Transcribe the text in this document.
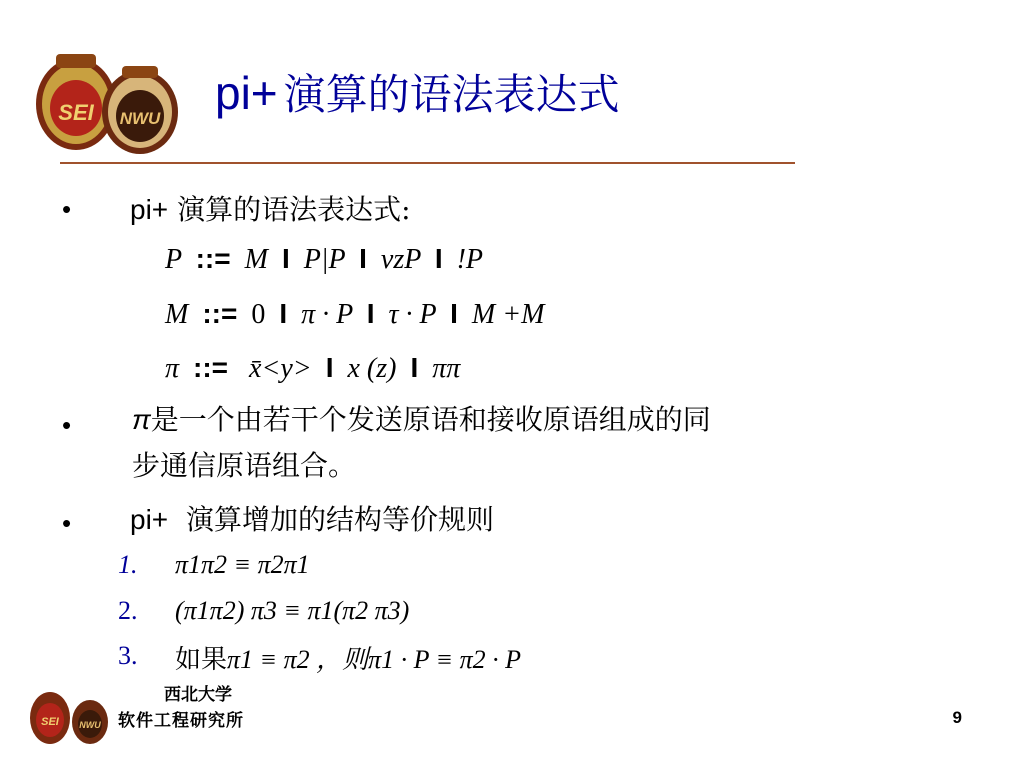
SEI NWU pi+ 演算的语法表达式
• pi+ 演算的语法表达式:
P ::= M I P|P I vzP I !P
M ::= 0 I π · P I τ · P I M +M
π ::= x̄<y> I x (z) I ππ
• π是一个由若干个发送原语和接收原语组成的同
步通信原语组合。
• pi+ 演算增加的结构等价规则
1. π1π2 ≡ π2π1
2. (π1π2) π3 ≡ π1(π2 π3)
3. 如果π1 ≡ π2 ，则π1 · P ≡ π2 · P
SEI NWU
西北大学
软件工程研究所	9
